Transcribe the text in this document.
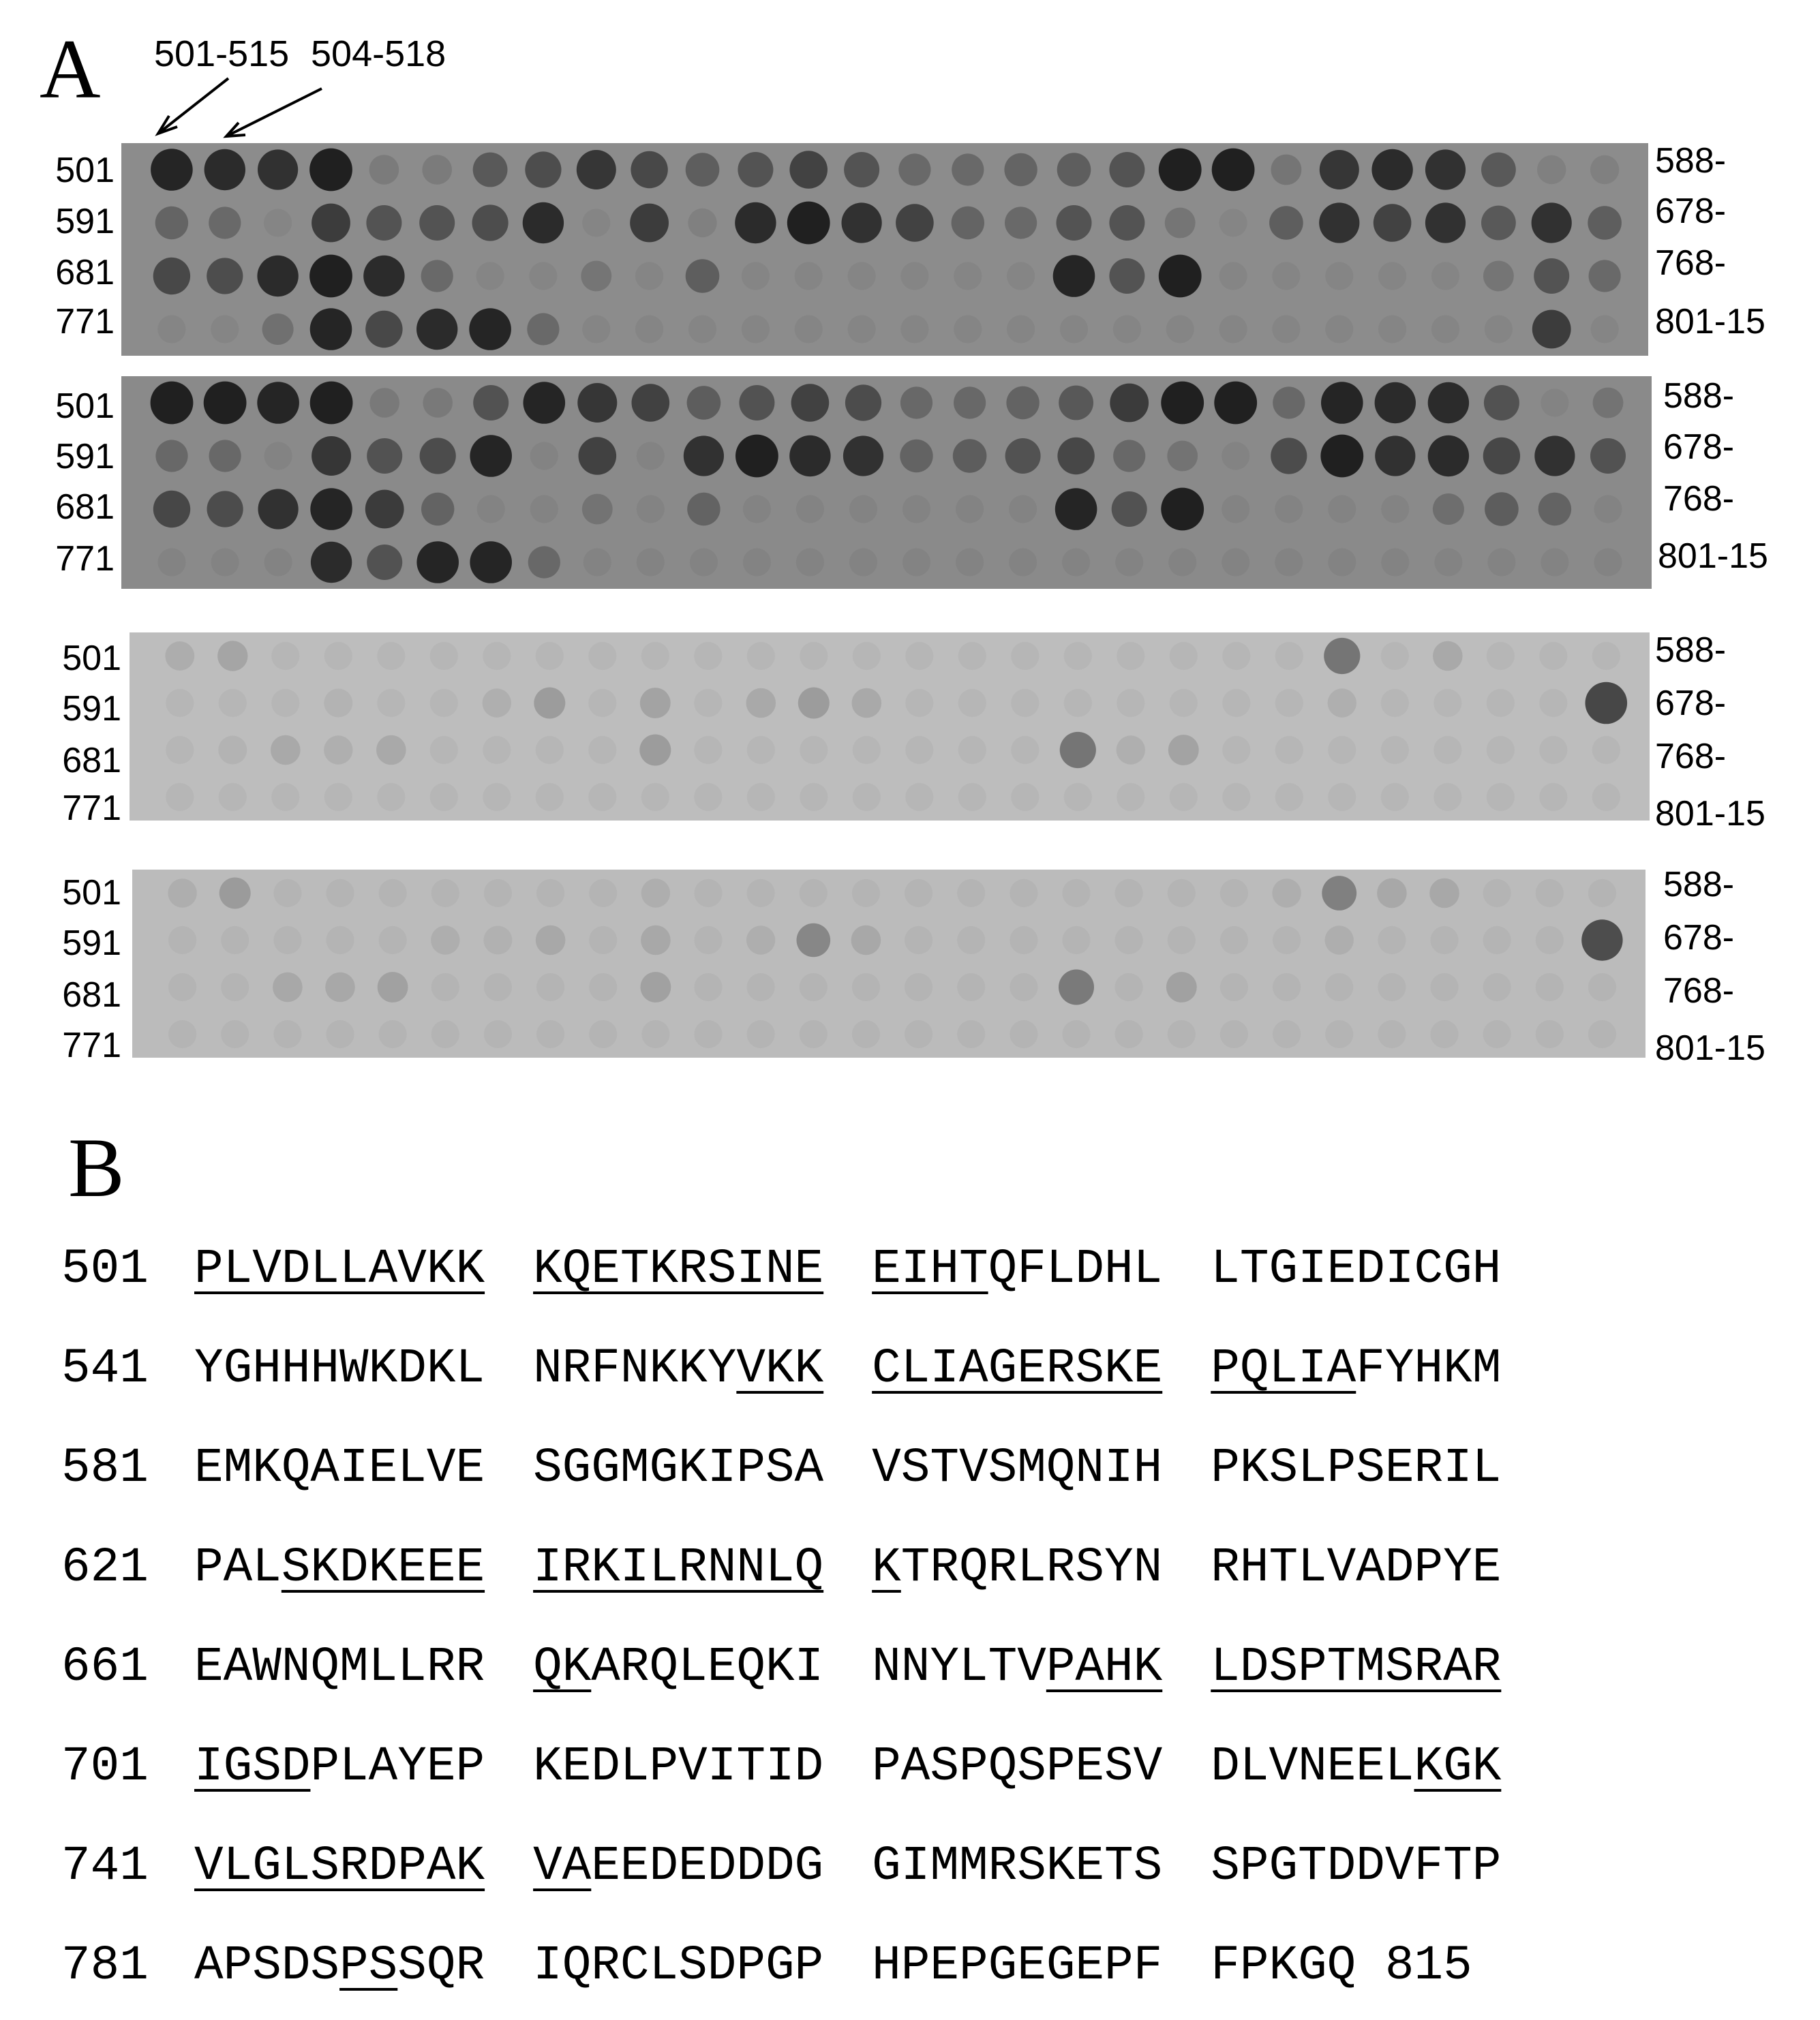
A 501-515 504-518
501
591
681
771
588-
678-
768-
801-15
501
591
681
771
588-
678-
768-
801-15
501
591
681
771
588-
678-
768-
801-15
501
591
681
771
588-
678-
768-
801-15
B
501 PLVDLLAVKK KQETKRSINE EIHTQFLDHL LTGIEDICGH
541 YGHHHWKDKL NRFNKKYVKK CLIAGERSKE PQLIAFYHKM
581 EMKQAIELVE SGGMGKIPSA VSTVSMQNIH PKSLPSERIL
621 PALSKDKEEE IRKILRNNLQ KTRQRLRSYN RHTLVADPYE
661 EAWNQMLLRR QKARQLEQKI NNYLTVPAHK LDSPTMSRAR
701 IGSDPLAYEP KEDLPVITID PASPQSPESV DLVNEELKGK
741 VLGLSRDPAK VAEEDEDDDG GIMMRSKETS SPGTDDVFTP
781 APSDSPSSQR IQRCLSDPGP HPEPGEGEPF FPKGQ 815
